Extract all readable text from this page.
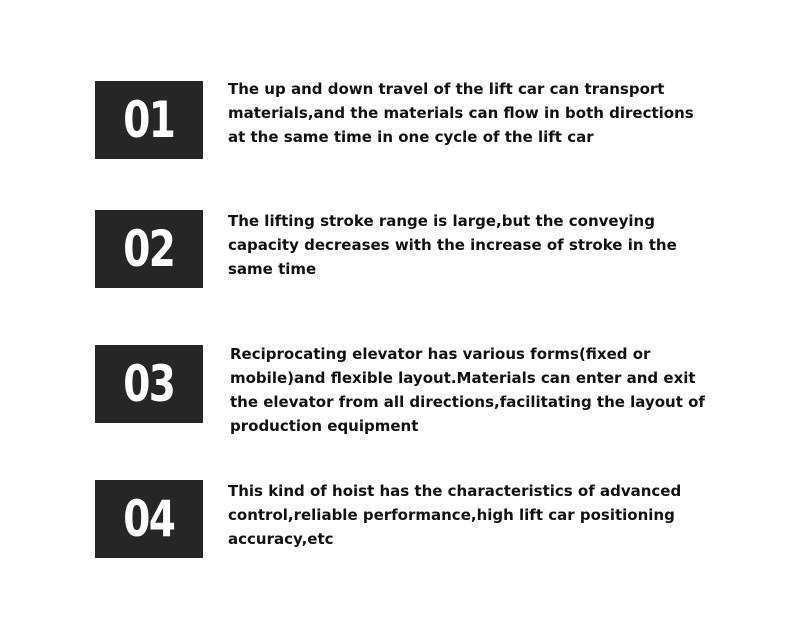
01

The up and down travel of the lift car can transport materials,and the materials can flow in both directions at the same time in one cycle of the lift car

02	The lifting stroke range is large,but the conveying capacity decreases with the increase of stroke in the same time

03

Reciprocating elevator has various forms(fixed or mobile)and flexible layout.Materials can enter and exit the elevator from all directions,facilitating the layout of production equipment

04	This kind of hoist has the characteristics of advanced control,reliable performance,high lift car positioning accuracy,etc
